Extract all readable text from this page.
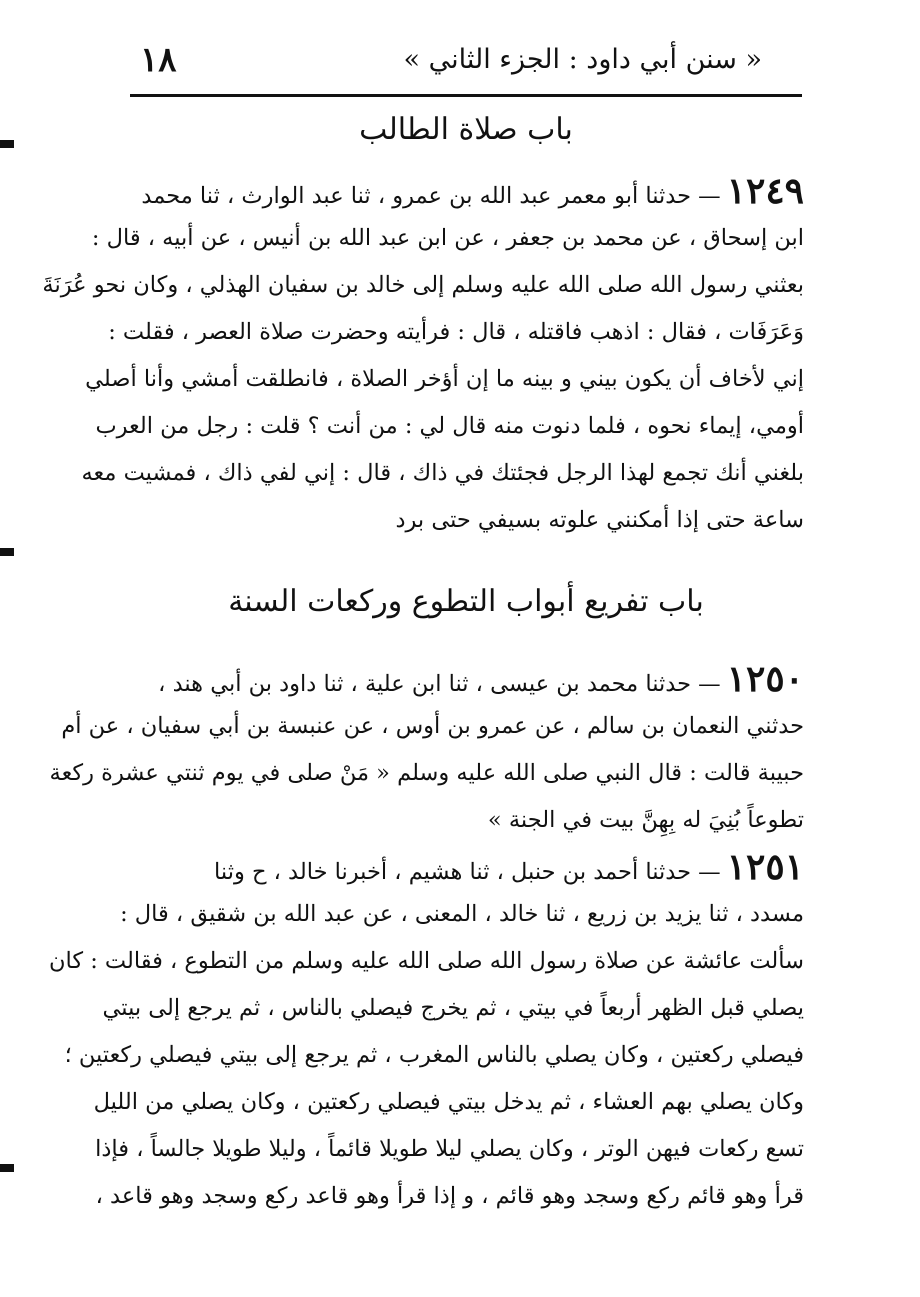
١٨	« سنن أبي داود : الجزء الثاني »
باب صلاة الطالب
١٢٤٩— حدثنا أبو معمر عبد الله بن عمرو ، ثنا عبد الوارث ، ثنا محمد
ابن إسحاق ، عن محمد بن جعفر ، عن ابن عبد الله بن أنيس ، عن أبيه ، قال :
بعثني رسول الله صلى الله عليه وسلم إلى خالد بن سفيان الهذلي ، وكان نحو عُرَنَةَ
وَعَرَفَات ، فقال : اذهب فاقتله ، قال : فرأيته وحضرت صلاة العصر ، فقلت :
إني لأخاف أن يكون بيني و بينه ما إن أؤخر الصلاة ، فانطلقت أمشي وأنا أصلي
أومي، إيماء نحوه ، فلما دنوت منه قال لي : من أنت ؟ قلت : رجل من العرب
بلغني أنك تجمع لهذا الرجل فجئتك في ذاك ، قال : إني لفي ذاك ، فمشيت معه
ساعة حتى إذا أمكنني علوته بسيفي حتى برد
باب تفريع أبواب التطوع وركعات السنة
١٢٥٠— حدثنا محمد بن عيسى ، ثنا ابن علية ، ثنا داود بن أبي هند ،
حدثني النعمان بن سالم ، عن عمرو بن أوس ، عن عنبسة بن أبي سفيان ، عن أم
حبيبة قالت : قال النبي صلى الله عليه وسلم « مَنْ صلى في يوم ثنتي عشرة ركعة
تطوعاً بُنِيَ له بِهِنَّ بيت في الجنة »
١٢٥١— حدثنا أحمد بن حنبل ، ثنا هشيم ، أخبرنا خالد ، ح وثنا
مسدد ، ثنا يزيد بن زريع ، ثنا خالد ، المعنى ، عن عبد الله بن شقيق ، قال :
سألت عائشة عن صلاة رسول الله صلى الله عليه وسلم من التطوع ، فقالت : كان
يصلي قبل الظهر أربعاً في بيتي ، ثم يخرج فيصلي بالناس ، ثم يرجع إلى بيتي
فيصلي ركعتين ، وكان يصلي بالناس المغرب ، ثم يرجع إلى بيتي فيصلي ركعتين ؛
وكان يصلي بهم العشاء ، ثم يدخل بيتي فيصلي ركعتين ، وكان يصلي من الليل
تسع ركعات فيهن الوتر ، وكان يصلي ليلا طويلا قائماً ، وليلا طويلا جالساً ، فإذا
قرأ وهو قائم ركع وسجد وهو قائم ، و إذا قرأ وهو قاعد ركع وسجد وهو قاعد ،
